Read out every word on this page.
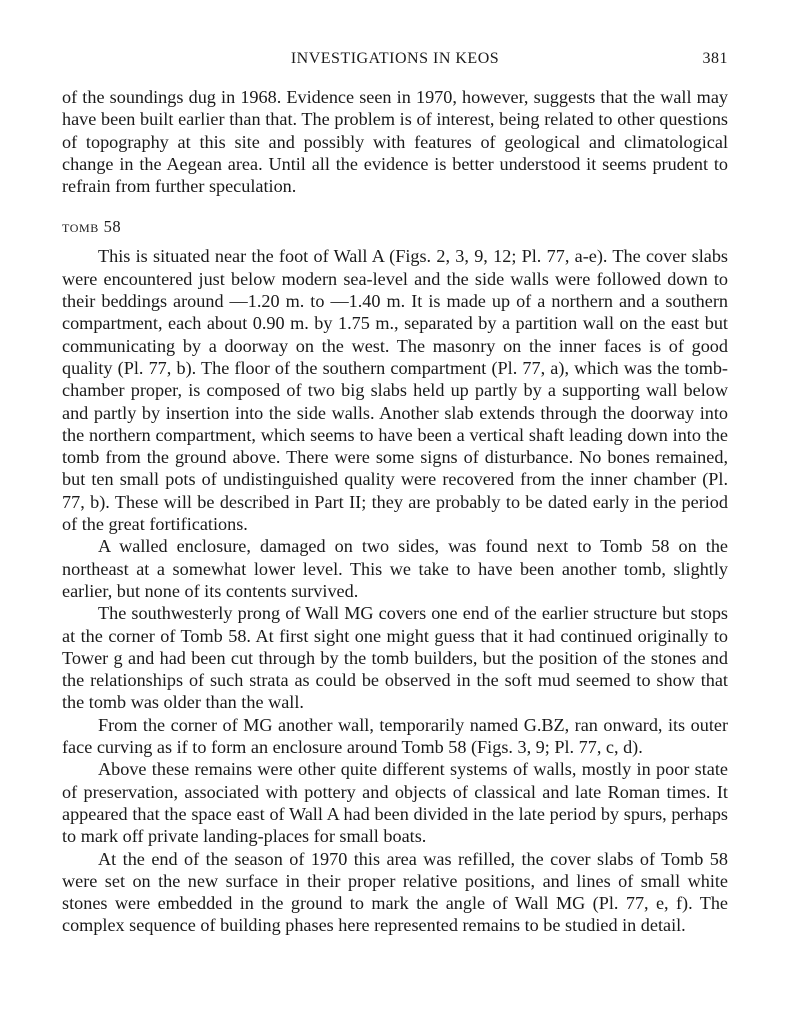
INVESTIGATIONS IN KEOS	381

of the soundings dug in 1968. Evidence seen in 1970, however, suggests that the wall may have been built earlier than that. The problem is of interest, being related to other questions of topography at this site and possibly with features of geological and climatological change in the Aegean area. Until all the evidence is better understood it seems prudent to refrain from further speculation.

tomb 58

This is situated near the foot of Wall A (Figs. 2, 3, 9, 12; Pl. 77, a-e). The cover slabs were encountered just below modern sea-level and the side walls were followed down to their beddings around —1.20 m. to —1.40 m. It is made up of a northern and a southern compartment, each about 0.90 m. by 1.75 m., separated by a partition wall on the east but communicating by a doorway on the west. The masonry on the inner faces is of good quality (Pl. 77, b). The floor of the southern compartment (Pl. 77, a), which was the tomb-chamber proper, is composed of two big slabs held up partly by a supporting wall below and partly by insertion into the side walls. Another slab extends through the doorway into the northern compartment, which seems to have been a vertical shaft leading down into the tomb from the ground above. There were some signs of disturbance. No bones remained, but ten small pots of undistinguished quality were recovered from the inner chamber (Pl. 77, b). These will be described in Part II; they are probably to be dated early in the period of the great fortifications.

A walled enclosure, damaged on two sides, was found next to Tomb 58 on the northeast at a somewhat lower level. This we take to have been another tomb, slightly earlier, but none of its contents survived.

The southwesterly prong of Wall MG covers one end of the earlier structure but stops at the corner of Tomb 58. At first sight one might guess that it had continued originally to Tower g and had been cut through by the tomb builders, but the position of the stones and the relationships of such strata as could be observed in the soft mud seemed to show that the tomb was older than the wall.

From the corner of MG another wall, temporarily named G.BZ, ran onward, its outer face curving as if to form an enclosure around Tomb 58 (Figs. 3, 9; Pl. 77, c, d).

Above these remains were other quite different systems of walls, mostly in poor state of preservation, associated with pottery and objects of classical and late Roman times. It appeared that the space east of Wall A had been divided in the late period by spurs, perhaps to mark off private landing-places for small boats.

At the end of the season of 1970 this area was refilled, the cover slabs of Tomb 58 were set on the new surface in their proper relative positions, and lines of small white stones were embedded in the ground to mark the angle of Wall MG (Pl. 77, e, f). The complex sequence of building phases here represented remains to be studied in detail.
